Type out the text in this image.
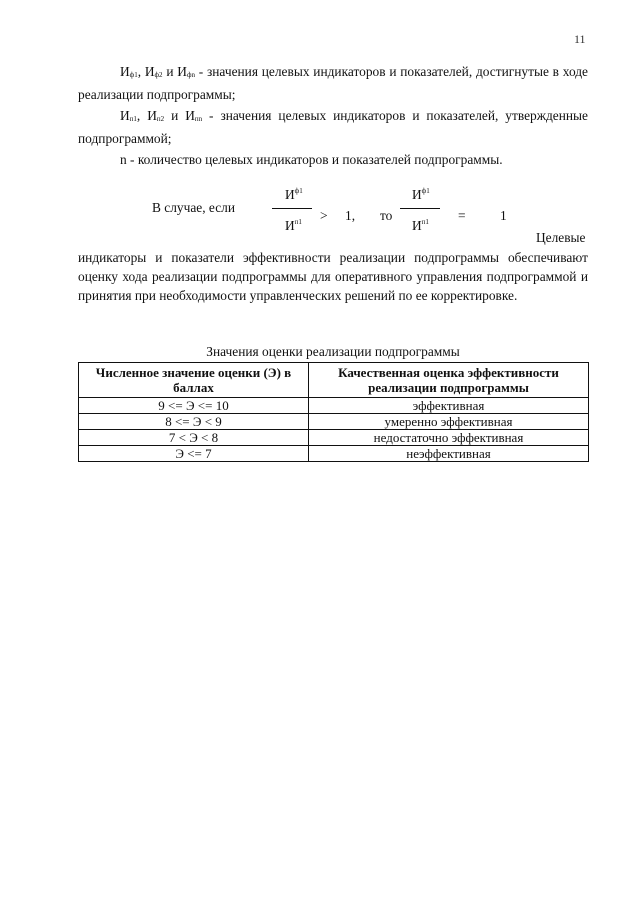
11
Иф1, Иф2 и Ифn - значения целевых индикаторов и показателей, достигнутые в ходе реализации подпрограммы;
Ип1, Ип2 и Ипn - значения целевых индикаторов и показателей, утвержденные подпрограммой;
n - количество целевых индикаторов и показателей подпрограммы.
В случае, если
$И^{ф1}$
$И^{п1} > 1$, то
$И^{ф1}$
$И^{п1}$ =	1
Целевые
индикаторы и показатели эффективности реализации подпрограммы обеспечивают оценку хода реализации подпрограммы для оперативного управления подпрограммой и принятия при необходимости управленческих решений по ее корректировке.
Значения оценки реализации подпрограммы
Численное значение оценки (Э) в баллах	Качественная оценка эффективности реализации подпрограммы
9 <= Э <= 10	эффективная
8 <= Э < 9	умеренно эффективная
7 < Э < 8	недостаточно эффективная
Э <= 7	неэффективная
